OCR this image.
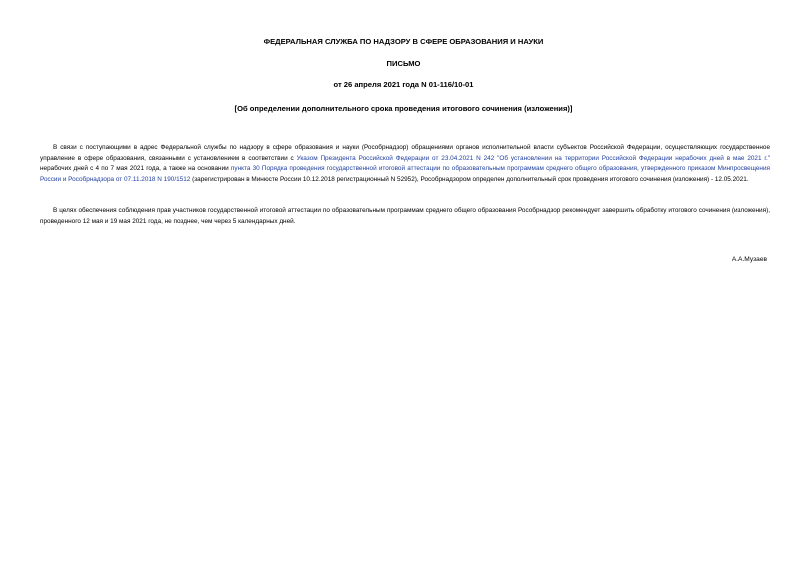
ФЕДЕРАЛЬНАЯ СЛУЖБА ПО НАДЗОРУ В СФЕРЕ ОБРАЗОВАНИЯ И НАУКИ
ПИСЬМО
от 26 апреля 2021 года N 01-116/10-01
[Об определении дополнительного срока проведения итогового сочинения (изложения)]

В связи с поступающими в адрес Федеральной службы по надзору в сфере образования и науки (Рособрнадзор) обращениями органов исполнительной власти субъектов Российской Федерации, осуществляющих государственное управление в сфере образования, связанными с установлением в соответствии с Указом Президента Российской Федерации от 23.04.2021 N 242 "Об установлении на территории Российской Федерации нерабочих дней в мае 2021 г." нерабочих дней с 4 по 7 мая 2021 года, а также на основании пункта 30 Порядка проведения государственной итоговой аттестации по образовательным программам среднего общего образования, утвержденного приказом Минпросвещения России и Рособрнадзора от 07.11.2018 N 190/1512 (зарегистрирован в Минюсте России 10.12.2018 регистрационный N 52952), Рособрнадзором определен дополнительный срок проведения итогового сочинения (изложения) - 12.05.2021.

В целях обеспечения соблюдения прав участников государственной итоговой аттестации по образовательным программам среднего общего образования Рособрнадзор рекомендует завершить обработку итогового сочинения (изложения), проведенного 12 мая и 19 мая 2021 года, не позднее, чем через 5 календарных дней.

А.А.Музаев
